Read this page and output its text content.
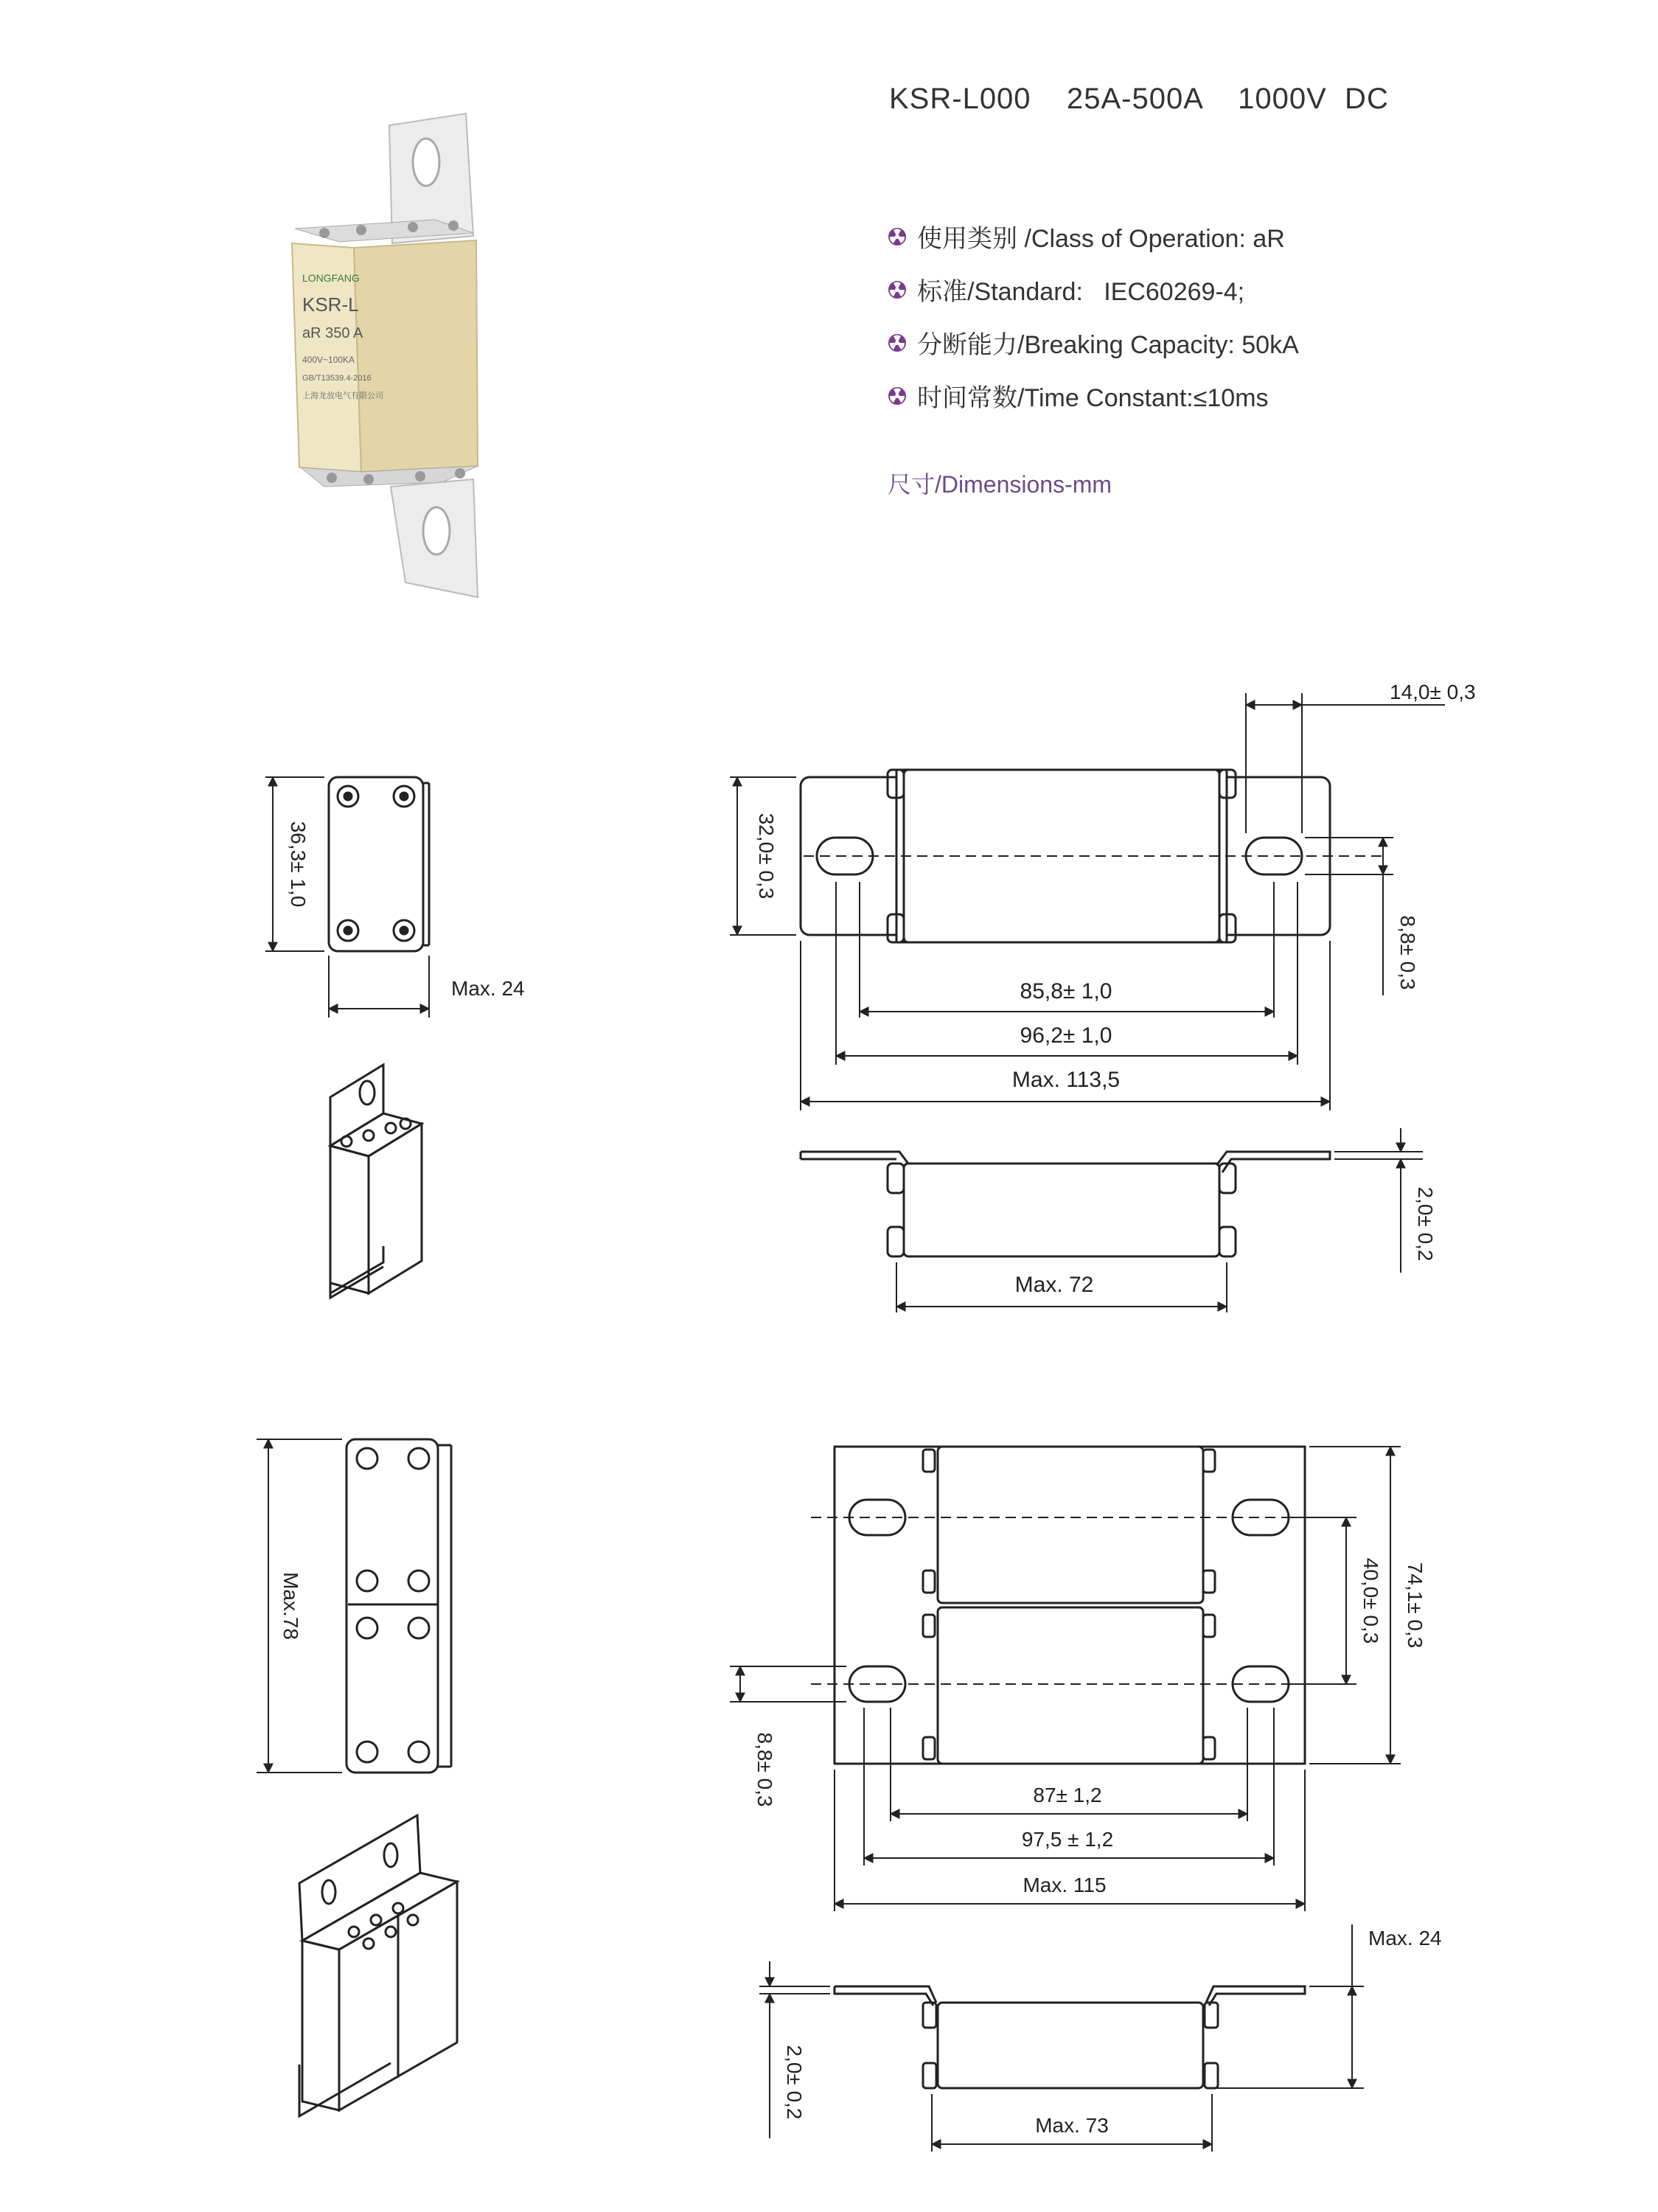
KSR-L000    25A-500A    1000V  DC
使用类别 /Class of Operation: aR
标准/Standard:   IEC60269-4;
分断能力/Breaking Capacity: 50kA
时间常数/Time Constant:≤10ms
尺寸/Dimensions-mm
LONGFANG
KSR-L
aR 350 A
400V~100KA
GB/T13539.4-2016
上海龙放电气有限公司
36,3± 1,0
Max. 24
14,0± 0,3
32,0± 0,3
8,8± 0,3
85,8± 1,0
96,2± 1,0
Max. 113,5
2,0± 0,2
Max. 72
Max.78	74,1± 0,3
40,0± 0,3
8,8± 0,3	87± 1,2
97,5 ± 1,2
Max. 115
Max. 24
2,0± 0,2
Max. 73
